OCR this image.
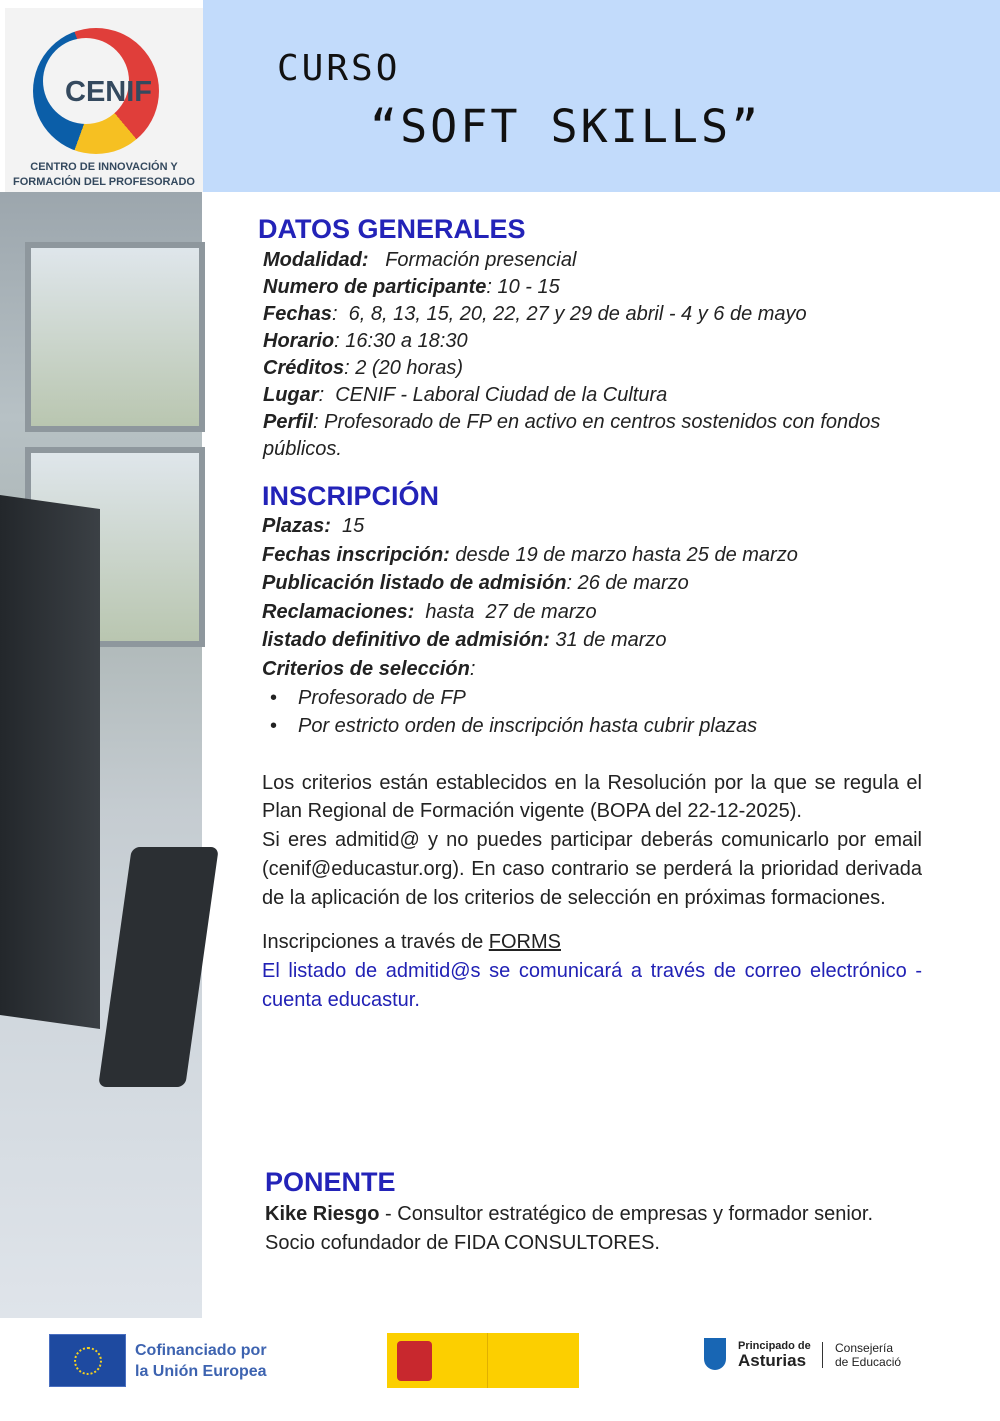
CENIF
CENTRO DE INNOVACIÓN Y
FORMACIÓN DEL PROFESORADO
CURSO
“SOFT SKILLS”
DATOS GENERALES
Modalidad:   Formación presencial
Numero de participante: 10 - 15
Fechas:  6, 8, 13, 15, 20, 22, 27 y 29 de abril - 4 y 6 de mayo
Horario: 16:30 a 18:30
Créditos: 2 (20 horas)
Lugar:  CENIF - Laboral Ciudad de la Cultura
Perfil: Profesorado de FP en activo en centros sostenidos con fondos públicos.
INSCRIPCIÓN
Plazas:  15
Fechas inscripción: desde 19 de marzo hasta 25 de marzo
Publicación listado de admisión: 26 de marzo
Reclamaciones:  hasta  27 de marzo
listado definitivo de admisión: 31 de marzo
Criterios de selección:
• Profesorado de FP
• Por estricto orden de inscripción hasta cubrir plazas

Los criterios están establecidos en la Resolución por la que se regula el Plan Regional de Formación vigente (BOPA del 22-12-2025).

Si eres admitid@ y no puedes participar deberás comunicarlo por email (cenif@educastur.org). En caso contrario se perderá la prioridad derivada de la aplicación de los criterios de selección en próximas formaciones.

Inscripciones a través de FORMS

El listado de admitid@s se comunicará a través de correo electrónico - cuenta educastur.

PONENTE

Kike Riesgo - Consultor estratégico de empresas y formador senior. Socio cofundador de FIDA CONSULTORES.

Cofinanciado por
la Unión Europea
Principado de
Asturias
Consejería
de Educació
